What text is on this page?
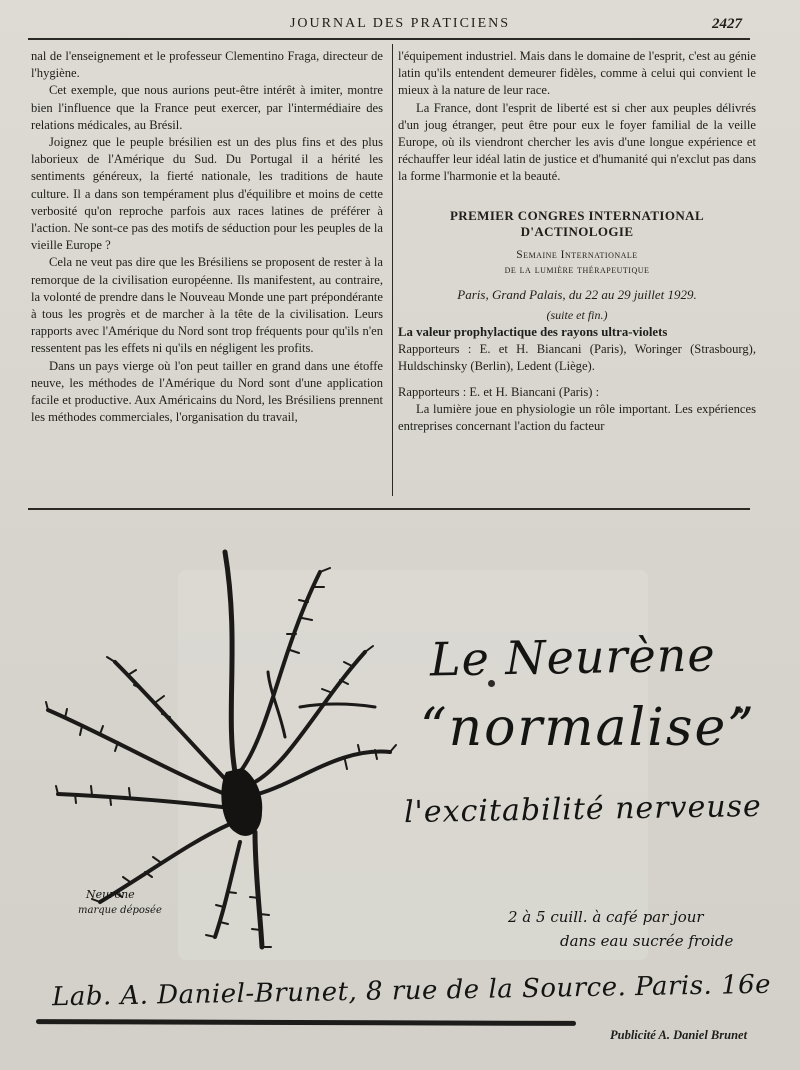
JOURNAL DES PRATICIENS	2427

nal de l'enseignement et le professeur Clementino Fraga, directeur de l'hygiène.

Cet exemple, que nous aurions peut-être intérêt à imiter, montre bien l'influence que la France peut exercer, par l'intermédiaire des relations médicales, au Brésil.

Joignez que le peuple brésilien est un des plus fins et des plus laborieux de l'Amérique du Sud. Du Portugal il a hérité les sentiments généreux, la fierté nationale, les traditions de haute culture. Il a dans son tempérament plus d'équilibre et moins de cette verbosité qu'on reproche parfois aux races latines de préférer à l'action. Ne sont-ce pas des motifs de séduction pour les peuples de la vieille Europe ?

Cela ne veut pas dire que les Brésiliens se proposent de rester à la remorque de la civilisation européenne. Ils manifestent, au contraire, la volonté de prendre dans le Nouveau Monde une part prépondérante à tous les progrès et de marcher à la tête de la civilisation. Leurs rapports avec l'Amérique du Nord sont trop fréquents pour qu'ils n'en ressentent pas les effets ni qu'ils en négligent les profits.

Dans un pays vierge où l'on peut tailler en grand dans une étoffe neuve, les méthodes de l'Amérique du Nord sont d'une application facile et productive. Aux Américains du Nord, les Brésiliens prennent les méthodes commerciales, l'organisation du travail,

l'équipement industriel. Mais dans le domaine de l'esprit, c'est au génie latin qu'ils entendent demeurer fidèles, comme à celui qui convient le mieux à la nature de leur race.

La France, dont l'esprit de liberté est si cher aux peuples délivrés d'un joug étranger, peut être pour eux le foyer familial de la veille Europe, où ils viendront chercher les avis d'une longue expérience et réchauffer leur idéal latin de justice et d'humanité qui n'exclut pas dans la forme l'harmonie et la beauté.

PREMIER CONGRES INTERNATIONAL
D'ACTINOLOGIE
Semaine Internationale
de la lumière thérapeutique
Paris, Grand Palais, du 22 au 29 juillet 1929.
(suite et fin.)

La valeur prophylactique des rayons ultra-violets

Rapporteurs : E. et H. Biancani (Paris), Woringer (Strasbourg), Huldschinsky (Berlin), Ledent (Liège).

Rapporteurs : E. et H. Biancani (Paris) :

La lumière joue en physiologie un rôle important. Les expériences entreprises concernant l'action du facteur

Le Neurène
“normalise”
l'excitabilité nerveuse
2 à 5 cuill. à café par jour
dans eau sucrée froide
Neurone
marque déposée
Lab. A. Daniel-Brunet, 8 rue de la Source. Paris. 16e
Publicité A. Daniel Brunet
